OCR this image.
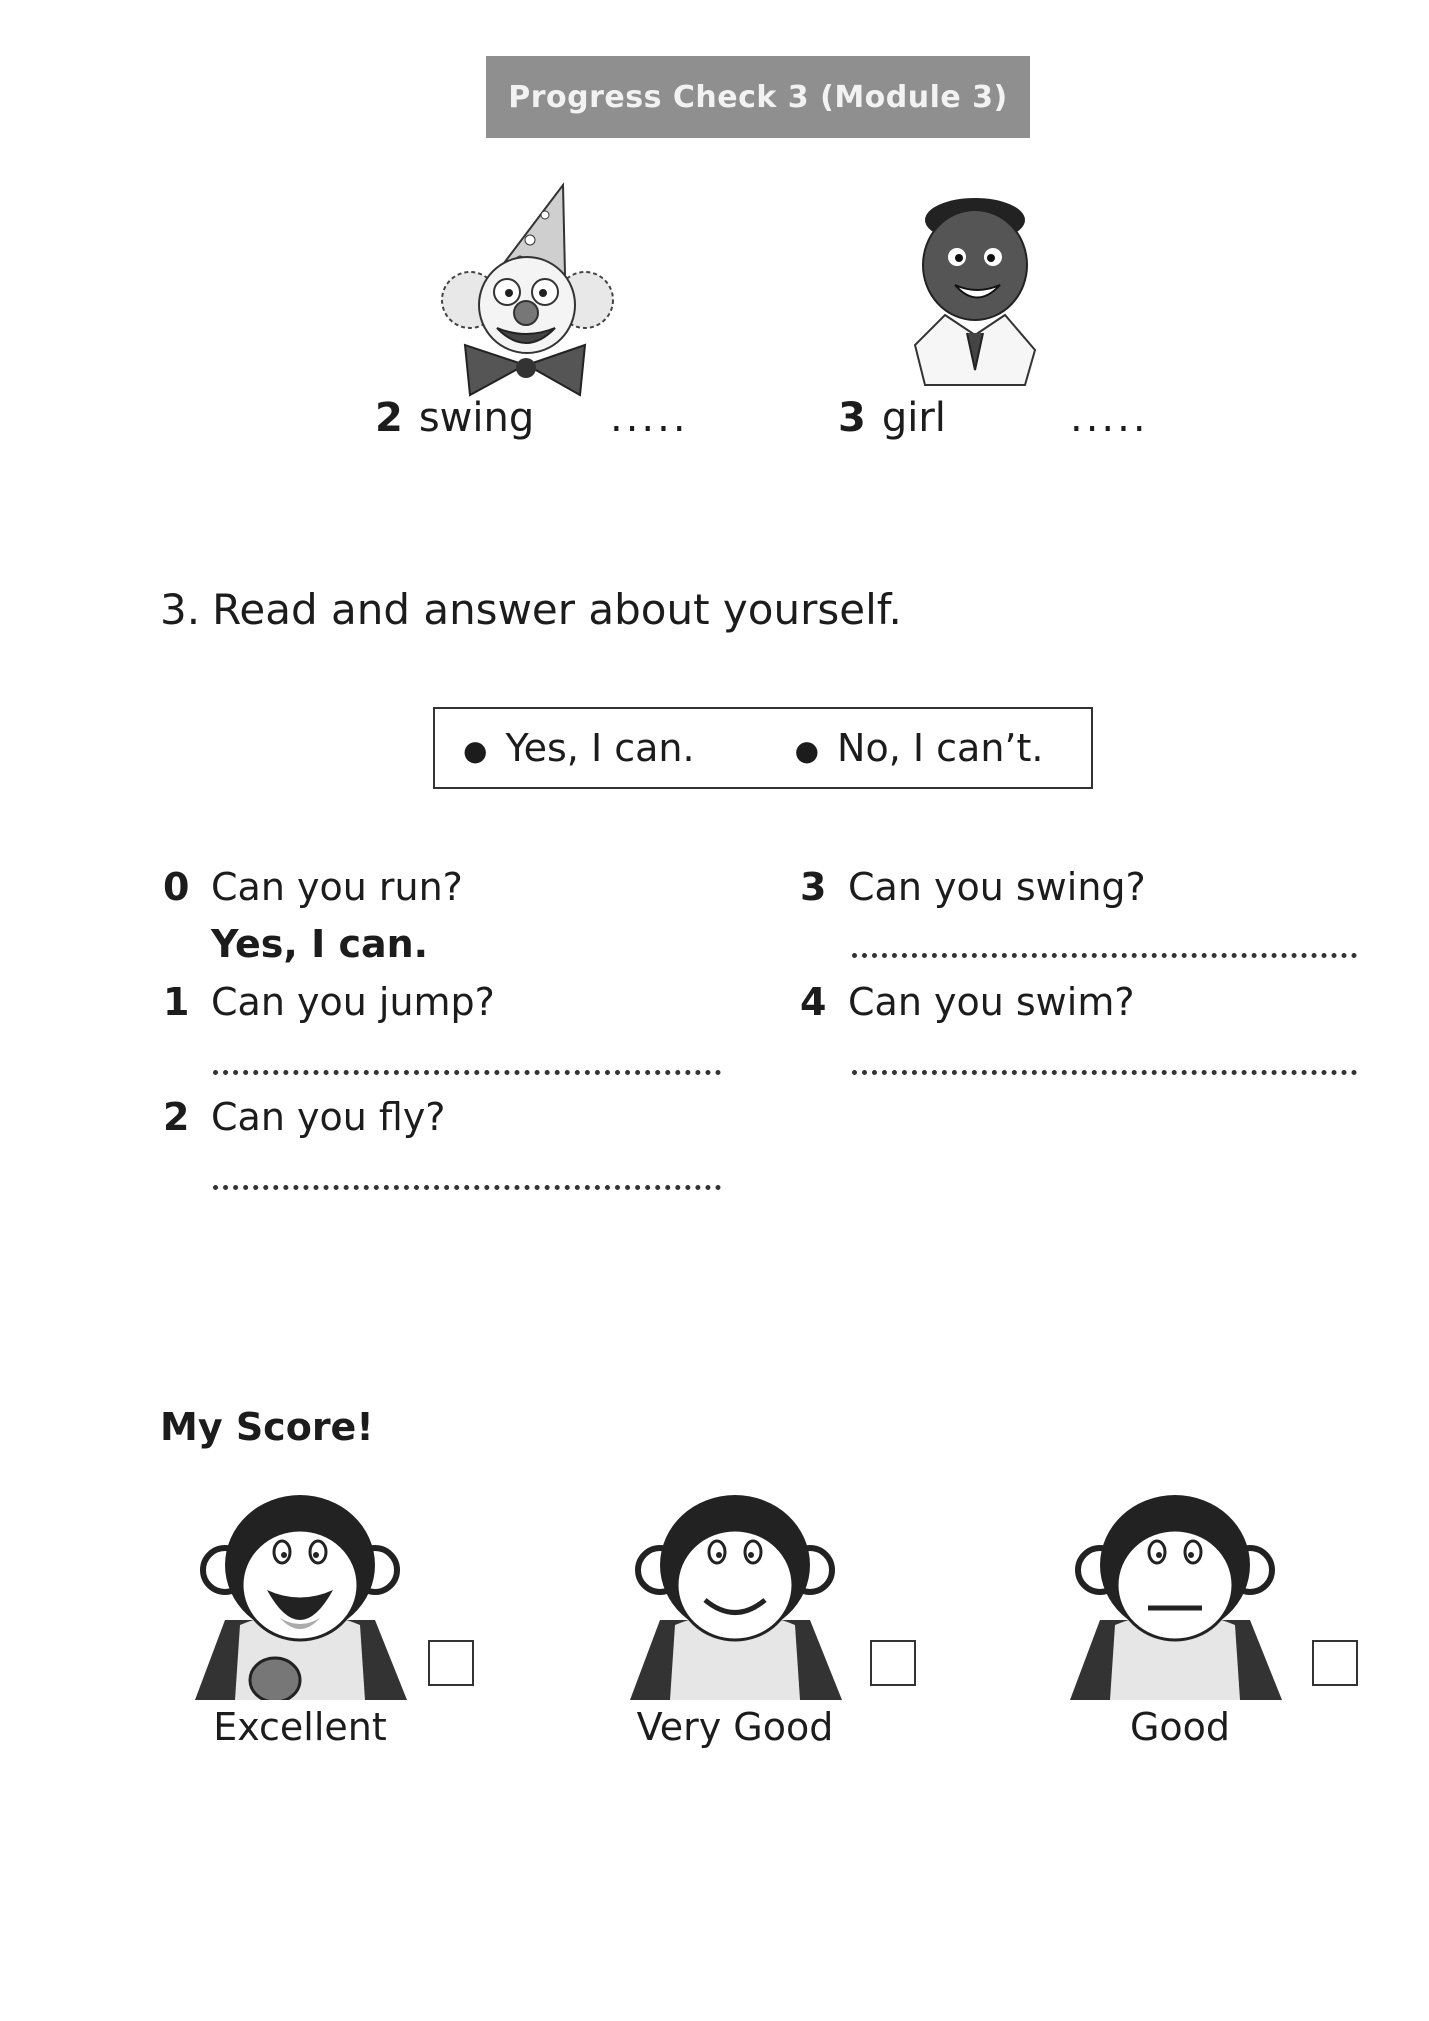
Progress Check 3 (Module 3)
2 swing .....	3 girl	.....
3. Read and answer about yourself.
● Yes, I can.	● No, I can’t.
0 Can you run?
Yes, I can.
1 Can you jump?
2 Can you fly?
3 Can you swing?
4 Can you swim?
My Score!
Excellent	Very Good	Good
